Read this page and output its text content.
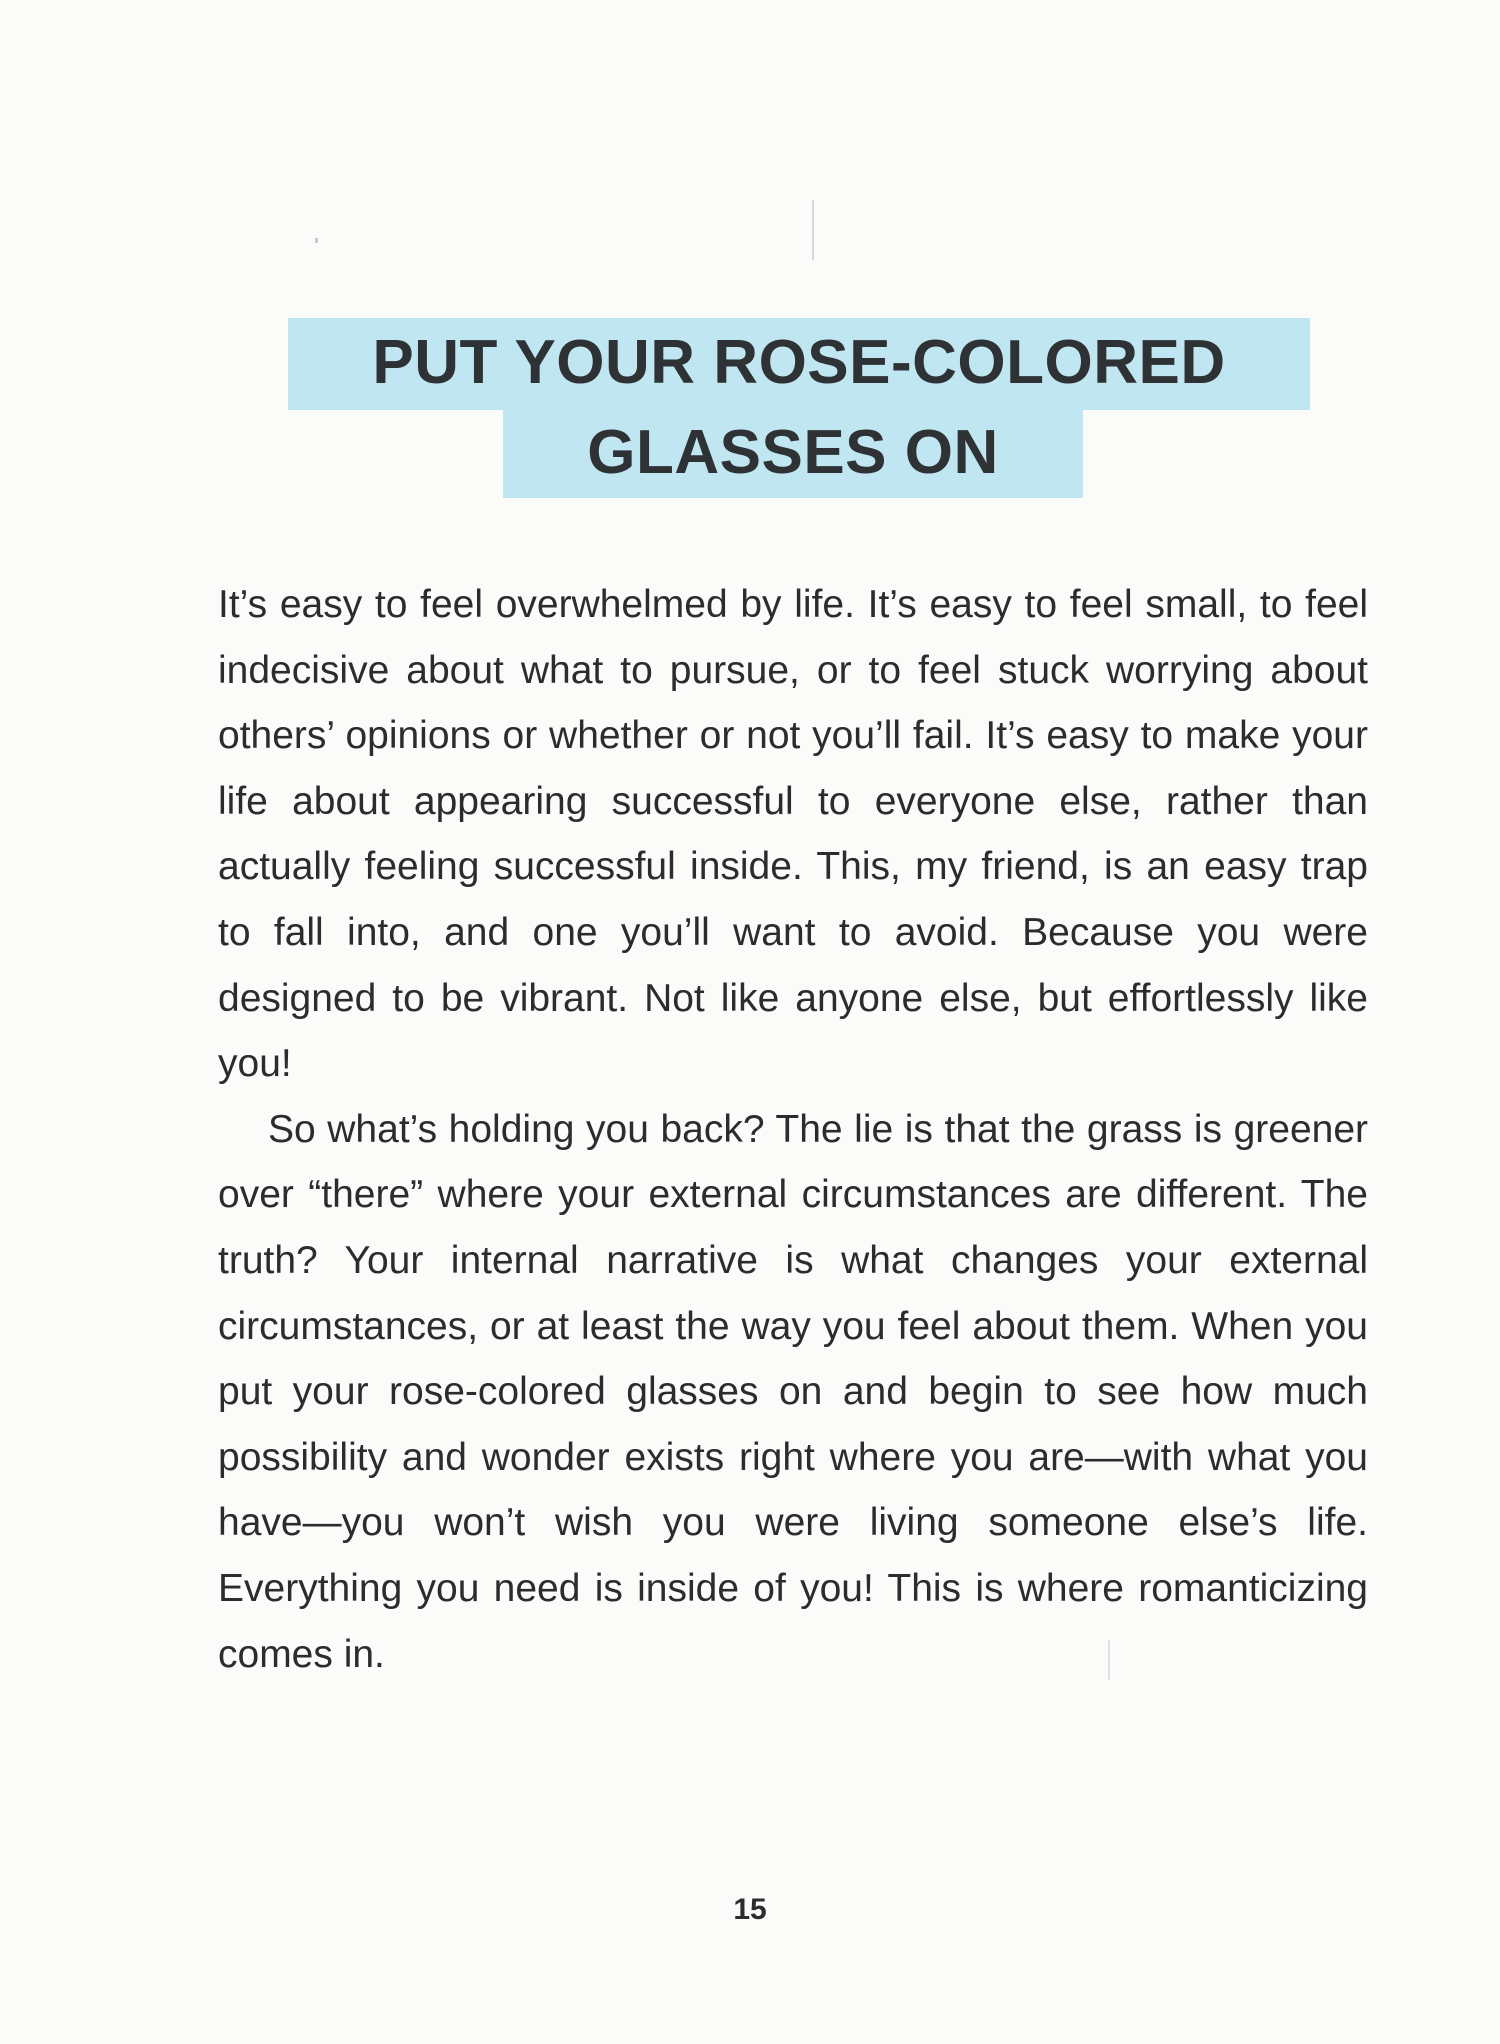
PUT YOUR ROSE-COLORED
GLASSES ON

It’s easy to feel overwhelmed by life. It’s easy to feel small, to feel indecisive about what to pursue, or to feel stuck worrying about others’ opinions or whether or not you’ll fail. It’s easy to make your life about appearing successful to everyone else, rather than actually feeling successful inside. This, my friend, is an easy trap to fall into, and one you’ll want to avoid. Because you were designed to be vibrant. Not like anyone else, but effortlessly like you!

So what’s holding you back? The lie is that the grass is greener over “there” where your external circumstances are different. The truth? Your internal narrative is what changes your external circumstances, or at least the way you feel about them. When you put your rose-colored glasses on and begin to see how much possibility and wonder exists right where you are—with what you have—you won’t wish you were living someone else’s life. Everything you need is inside of you! This is where romanticizing comes in.

15
